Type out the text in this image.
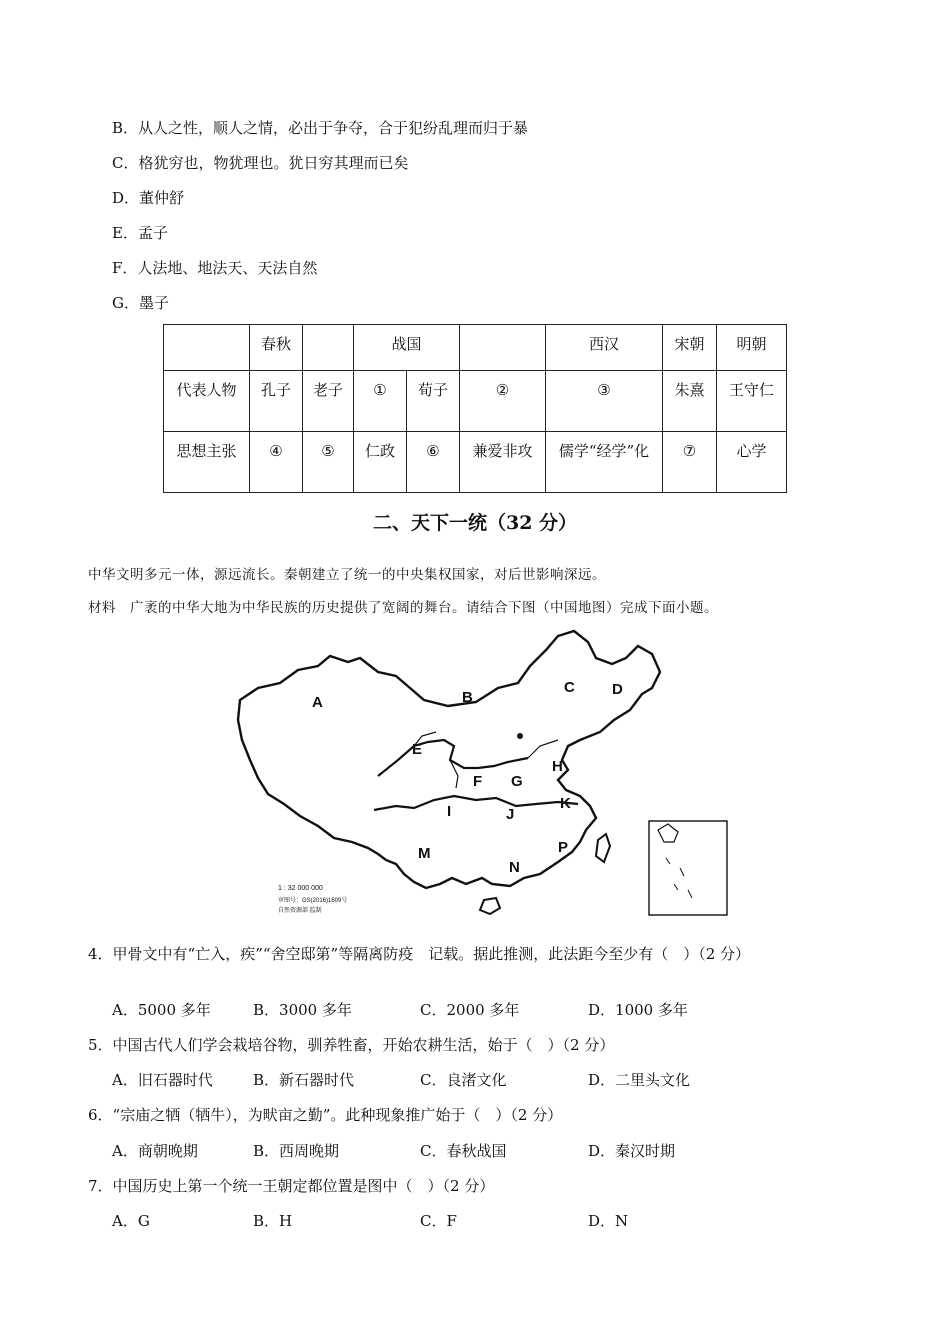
B．从人之性，顺人之情，必出于争夺，合于犯纷乱理而归于暴
C．格犹穷也，物犹理也。犹日穷其理而已矣
D．董仲舒
E．孟子
F．人法地、地法天、天法自然
G．墨子
	春秋		战国			西汉	宋朝	明朝
代表人物	孔子	老子	①	荀子	②	③	朱熹	王守仁
思想主张	④	⑤	仁政	⑥	兼爱非攻	儒学“经学”化	⑦	心学
二、天下一统（32 分）
中华文明多元一体，源远流长。秦朝建立了统一的中央集权国家，对后世影响深远。
材料　广袤的中华大地为中华民族的历史提供了宽阔的舞台。请结合下图（中国地图）完成下面小题。
A	B
C D
E
F G
H
I	J
K
M
N
P
1 : 32 000 000
审图号：GS(2016)1609号
自然资源部 监制
4．甲骨文中有“亡入，疾”“舍空邸第”等隔离防疫　记载。据此推测，此法距今至少有（　）（2 分）
A．5000 多年	B．3000 多年	C．2000 多年	D．1000 多年
5．中国古代人们学会栽培谷物，驯养牲畜，开始农耕生活，始于（　）（2 分）
A．旧石器时代	B．新石器时代	C．良渚文化	D．二里头文化
6．“宗庙之牺（牺牛），为畎亩之勤”。此种现象推广始于（　）（2 分）
A．商朝晚期	B．西周晚期	C．春秋战国	D．秦汉时期
7．中国历史上第一个统一王朝定都位置是图中（　）（2 分）
A．G	B．H	C．F	D．N
